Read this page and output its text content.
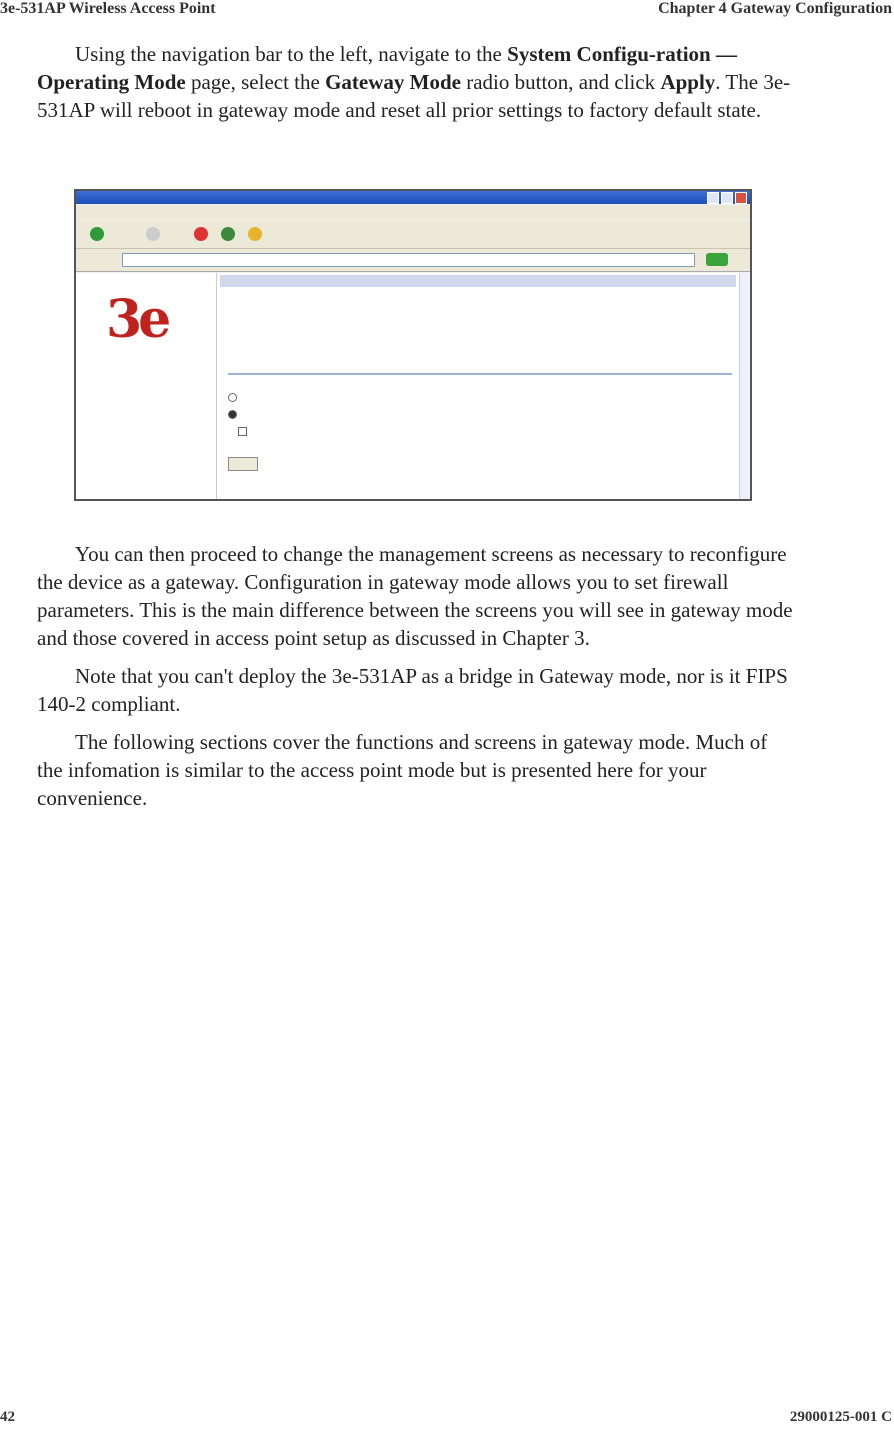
3e-531AP Wireless Access Point	Chapter 4 Gateway Configuration

Using the navigation bar to the left, navigate to the System Configu-ration — Operating Mode page, select the Gateway Mode radio button, and click Apply. The 3e-531AP will reboot in gateway mode and reset all prior settings to factory default state.

3e

You can then proceed to change the management screens as necessary to reconfigure the device as a gateway. Configuration in gateway mode allows you to set firewall parameters. This is the main difference between the screens you will see in gateway mode and those covered in access point setup as discussed in Chapter 3.

Note that you can't deploy the 3e-531AP as a bridge in Gateway mode, nor is it FIPS 140-2 compliant.

The following sections cover the functions and screens in gateway mode. Much of the infomation is similar to the access point mode but is presented here for your convenience.

42	29000125-001 C
